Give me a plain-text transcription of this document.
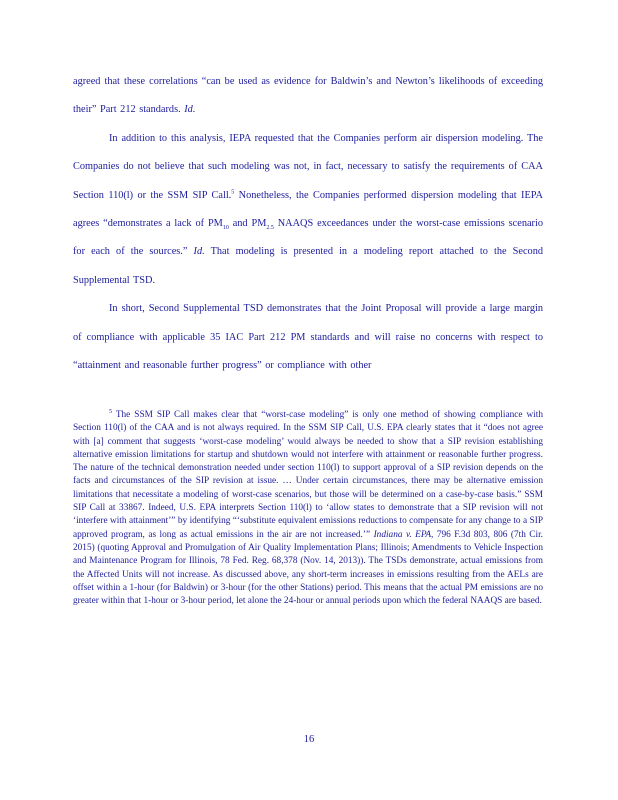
agreed that these correlations “can be used as evidence for Baldwin’s and Newton’s likelihoods of exceeding their” Part 212 standards. Id.

In addition to this analysis, IEPA requested that the Companies perform air dispersion modeling. The Companies do not believe that such modeling was not, in fact, necessary to satisfy the requirements of CAA Section 110(l) or the SSM SIP Call.$^5$ Nonetheless, the Companies performed dispersion modeling that IEPA agrees “demonstrates a lack of $PM_{10}$ and $PM_{2.5}$ NAAQS exceedances under the worst-case emissions scenario for each of the sources.” Id. That modeling is presented in a modeling report attached to the Second Supplemental TSD.

In short, Second Supplemental TSD demonstrates that the Joint Proposal will provide a large margin of compliance with applicable 35 IAC Part 212 PM standards and will raise no concerns with respect to “attainment and reasonable further progress” or compliance with other

$^5$ The SSM SIP Call makes clear that “worst-case modeling” is only one method of showing compliance with Section 110(l) of the CAA and is not always required. In the SSM SIP Call, U.S. EPA clearly states that it “does not agree with [a] comment that suggests ‘worst-case modeling’ would always be needed to show that a SIP revision establishing alternative emission limitations for startup and shutdown would not interfere with attainment or reasonable further progress. The nature of the technical demonstration needed under section 110(l) to support approval of a SIP revision depends on the facts and circumstances of the SIP revision at issue. … Under certain circumstances, there may be alternative emission limitations that necessitate a modeling of worst-case scenarios, but those will be determined on a case-by-case basis.” SSM SIP Call at 33867. Indeed, U.S. EPA interprets Section 110(l) to ‘allow states to demonstrate that a SIP revision will not ‘interfere with attainment’” by identifying “‘substitute equivalent emissions reductions to compensate for any change to a SIP approved program, as long as actual emissions in the air are not increased.’” Indiana v. EPA, 796 F.3d 803, 806 (7th Cir. 2015) (quoting Approval and Promulgation of Air Quality Implementation Plans; Illinois; Amendments to Vehicle Inspection and Maintenance Program for Illinois, 78 Fed. Reg. 68,378 (Nov. 14, 2013)). The TSDs demonstrate, actual emissions from the Affected Units will not increase. As discussed above, any short-term increases in emissions resulting from the AELs are offset within a 1-hour (for Baldwin) or 3-hour (for the other Stations) period. This means that the actual PM emissions are no greater within that 1-hour or 3-hour period, let alone the 24-hour or annual periods upon which the federal NAAQS are based.

16
